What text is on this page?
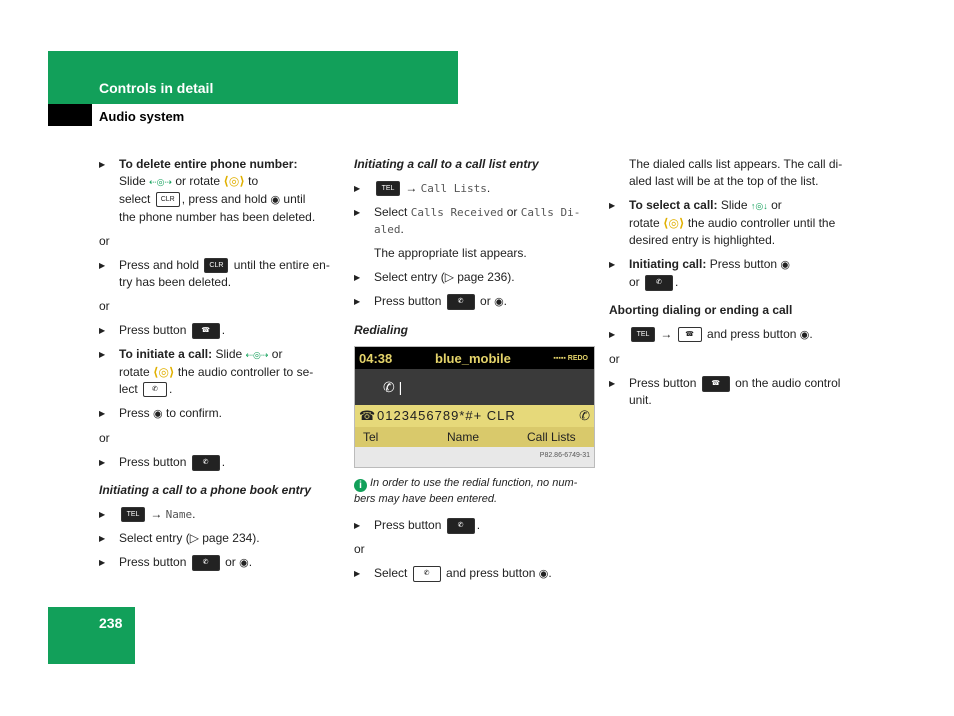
Controls in detail
Audio system
▶ To delete entire phone number:
Slide ⇠◎⇢ or rotate ⟨◎⟩ to
select CLR , press and hold ◉ until
the phone number has been deleted.
or
▶ Press and hold CLR until the entire en-
try has been deleted.
or
▶ Press button ☎ .
▶ To initiate a call: Slide ⇠◎⇢ or
rotate ⟨◎⟩ the audio controller to se-
lect ✆ .
▶ Press ◉ to confirm.
or
▶ Press button ✆ .
Initiating a call to a phone book entry
▶ TEL → Name.
▶ Select entry (▷ page 234).
▶ Press button ✆ or ◉.
Initiating a call to a call list entry
▶ TEL → Call Lists.
▶ Select Calls Received or Calls Di-aled.
The appropriate list appears.
▶ Select entry (▷ page 236).
▶ Press button ✆ or ◉.
Redialing
04:38	blue_mobile	▪▪▪▪▪ REDO
✆ |
☎ 0123456789*#+ CLR	✆
Tel	Name	Call Lists
P82.86-6749-31
i In order to use the redial function, no num-bers may have been entered.
▶ Press button ✆ .
or
▶ Select ✆ and press button ◉.
The dialed calls list appears. The call di-aled last will be at the top of the list.
▶ To select a call: Slide ↑◎↓ or
rotate ⟨◎⟩ the audio controller until the desired entry is highlighted.
▶ Initiating call: Press button ◉
or ✆ .
Aborting dialing or ending a call
▶ TEL → ☎ and press button ◉.
or
▶ Press button ☎ on the audio control unit.
238
